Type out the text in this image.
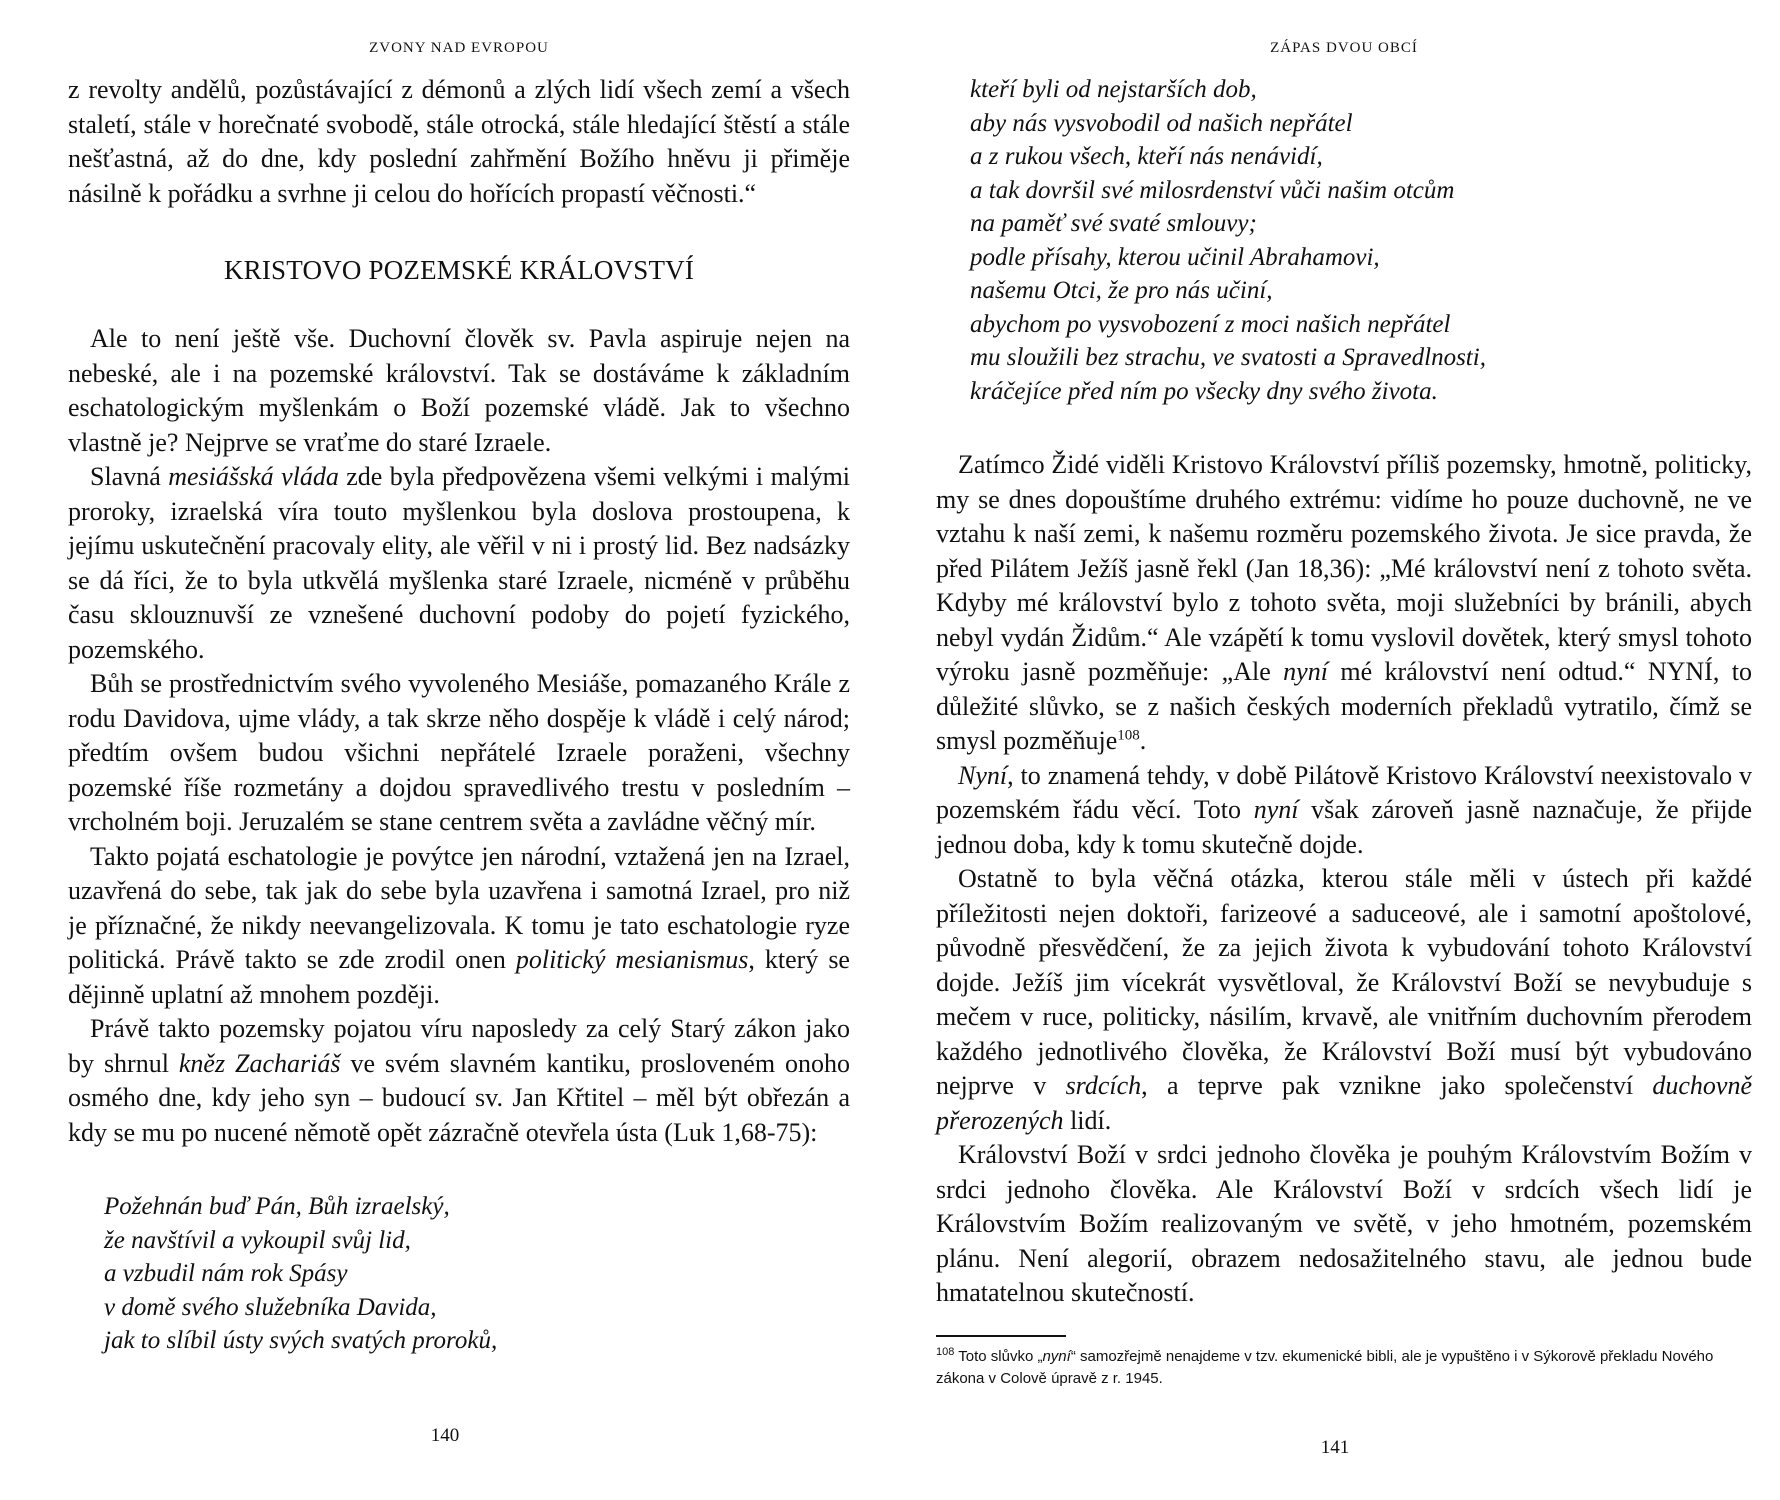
ZVONY NAD EVROPOU

z revolty andělů, pozůstávající z démonů a zlých lidí všech zemí a všech staletí, stále v horečnaté svobodě, stále otrocká, stále hledající štěstí a stále nešťastná, až do dne, kdy poslední zahřmění Božího hněvu ji přiměje násilně k pořádku a svrhne ji celou do hořících propastí věčnosti.“

KRISTOVO POZEMSKÉ KRÁLOVSTVÍ

Ale to není ještě vše. Duchovní člověk sv. Pavla aspiruje nejen na nebeské, ale i na pozemské království. Tak se dostáváme k základním eschatologickým myšlenkám o Boží pozemské vládě. Jak to všechno vlastně je? Nejprve se vraťme do staré Izraele.

Slavná mesiášská vláda zde byla předpovězena všemi velkými i malými proroky, izraelská víra touto myšlenkou byla doslova prostoupena, k jejímu uskutečnění pracovaly elity, ale věřil v ni i prostý lid. Bez nadsázky se dá říci, že to byla utkvělá myšlenka staré Izraele, nicméně v průběhu času sklouznuvší ze vznešené duchovní podoby do pojetí fyzického, pozemského.

Bůh se prostřednictvím svého vyvoleného Mesiáše, pomazaného Krále z rodu Davidova, ujme vlády, a tak skrze něho dospěje k vládě i celý národ; předtím ovšem budou všichni nepřátelé Izraele poraženi, všechny pozemské říše rozmetány a dojdou spravedlivého trestu v posledním – vrcholném boji. Jeruzalém se stane centrem světa a zavládne věčný mír.

Takto pojatá eschatologie je povýtce jen národní, vztažená jen na Izrael, uzavřená do sebe, tak jak do sebe byla uzavřena i samotná Izrael, pro niž je příznačné, že nikdy neevangelizovala. K tomu je tato eschatologie ryze politická. Právě takto se zde zrodil onen politický mesianismus, který se dějinně uplatní až mnohem později.

Právě takto pozemsky pojatou víru naposledy za celý Starý zákon jako by shrnul kněz Zachariáš ve svém slavném kantiku, prosloveném onoho osmého dne, kdy jeho syn – budoucí sv. Jan Křtitel – měl být obřezán a kdy se mu po nucené němotě opět zázračně otevřela ústa (Luk 1,68-75):

Požehnán buď Pán, Bůh izraelský,
že navštívil a vykoupil svůj lid,
a vzbudil nám rok Spásy
v domě svého služebníka Davida,
jak to slíbil ústy svých svatých proroků,
140
ZÁPAS DVOU OBCÍ
kteří byli od nejstarších dob,
aby nás vysvobodil od našich nepřátel
a z rukou všech, kteří nás nenávidí,
a tak dovršil své milosrdenství vůči našim otcům
na paměť své svaté smlouvy;
podle přísahy, kterou učinil Abrahamovi,
našemu Otci, že pro nás učiní,
abychom po vysvobození z moci našich nepřátel
mu sloužili bez strachu, ve svatosti a Spravedlnosti,
kráčejíce před ním po všecky dny svého života.

Zatímco Židé viděli Kristovo Království příliš pozemsky, hmotně, politicky, my se dnes dopouštíme druhého extrému: vidíme ho pouze duchovně, ne ve vztahu k naší zemi, k našemu rozměru pozemského života. Je sice pravda, že před Pilátem Ježíš jasně řekl (Jan 18,36): „Mé království není z tohoto světa. Kdyby mé království bylo z tohoto světa, moji služebníci by bránili, abych nebyl vydán Židům.“ Ale vzápětí k tomu vyslovil dovětek, který smysl tohoto výroku jasně pozměňuje: „Ale nyní mé království není odtud.“ NYNÍ, to důležité slůvko, se z našich českých moderních překladů vytratilo, čímž se smysl pozměňuje$^{108}$.

Nyní, to znamená tehdy, v době Pilátově Kristovo Království neexistovalo v pozemském řádu věcí. Toto nyní však zároveň jasně naznačuje, že přijde jednou doba, kdy k tomu skutečně dojde.

Ostatně to byla věčná otázka, kterou stále měli v ústech při každé příležitosti nejen doktoři, farizeové a saduceové, ale i samotní apoštolové, původně přesvědčení, že za jejich života k vybudování tohoto Království dojde. Ježíš jim vícekrát vysvětloval, že Království Boží se nevybuduje s mečem v ruce, politicky, násilím, krvavě, ale vnitřním duchovním přerodem každého jednotlivého člověka, že Království Boží musí být vybudováno nejprve v srdcích, a teprve pak vznikne jako společenství duchovně přerozených lidí.

Království Boží v srdci jednoho člověka je pouhým Královstvím Božím v srdci jednoho člověka. Ale Království Boží v srdcích všech lidí je Královstvím Božím realizovaným ve světě, v jeho hmotném, pozemském plánu. Není alegorií, obrazem nedosažitelného stavu, ale jednou bude hmatatelnou skutečností.

$^{108}$ Toto slůvko „nyní“ samozřejmě nenajdeme v tzv. ekumenické bibli, ale je vypuštěno i v Sýkorově překladu Nového zákona v Colově úpravě z r. 1945.
141
